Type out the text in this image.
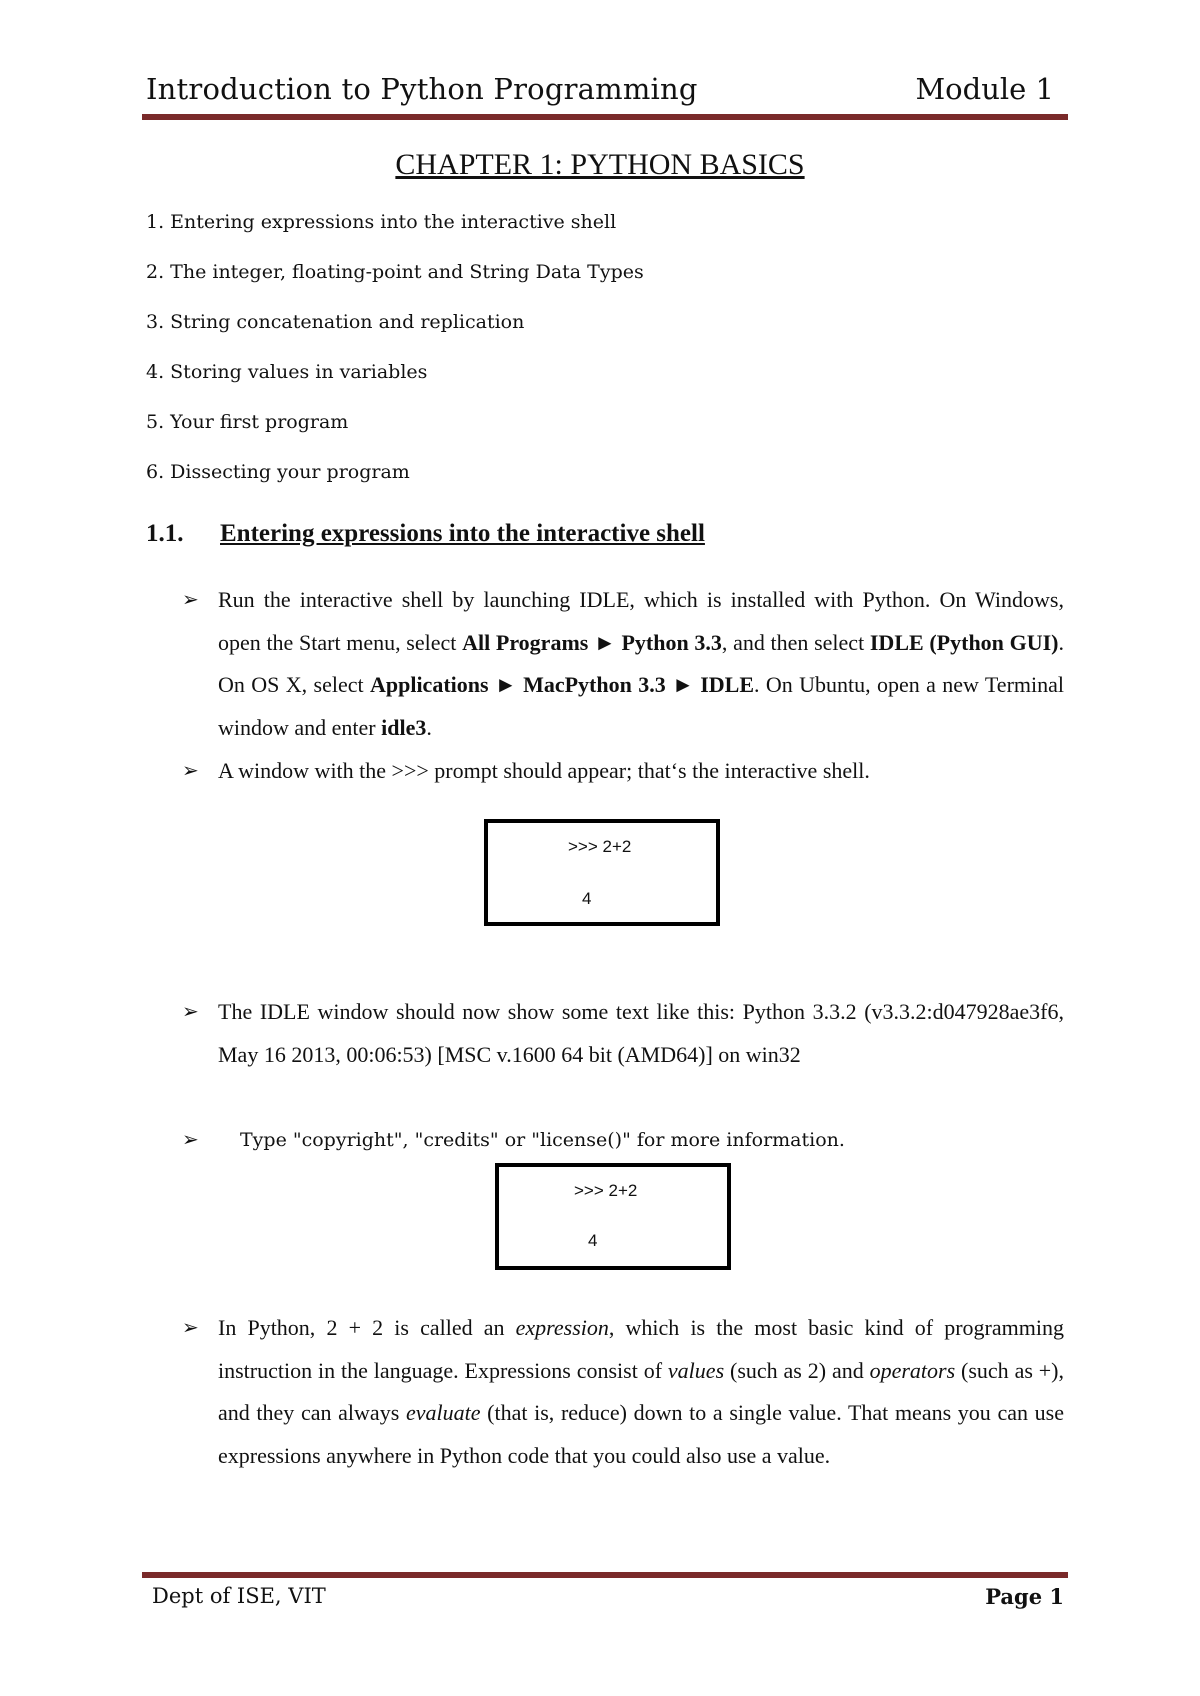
Introduction to Python Programming	Module 1
CHAPTER 1: PYTHON BASICS
1. Entering expressions into the interactive shell
2. The integer, floating-point and String Data Types
3. String concatenation and replication
4. Storing values in variables
5. Your first program
6. Dissecting your program
1.1. Entering expressions into the interactive shell
➢ Run the interactive shell by launching IDLE, which is installed with Python. On Windows, open the Start menu, select All Programs ► Python 3.3, and then select IDLE (Python GUI). On OS X, select Applications ► MacPython 3.3 ► IDLE. On Ubuntu, open a new Terminal window and enter idle3.
➢ A window with the >>> prompt should appear; that‘s the interactive shell.
>>> 2+2
4
➢ The IDLE window should now show some text like this: Python 3.3.2 (v3.3.2:d047928ae3f6, May 16 2013, 00:06:53) [MSC v.1600 64 bit (AMD64)] on win32
➢	Type "copyright", "credits" or "license()" for more information.
>>> 2+2
4
➢ In Python, 2 + 2 is called an expression, which is the most basic kind of programming instruction in the language. Expressions consist of values (such as 2) and operators (such as +), and they can always evaluate (that is, reduce) down to a single value. That means you can use expressions anywhere in Python code that you could also use a value.
Dept of ISE, VIT	Page 1
